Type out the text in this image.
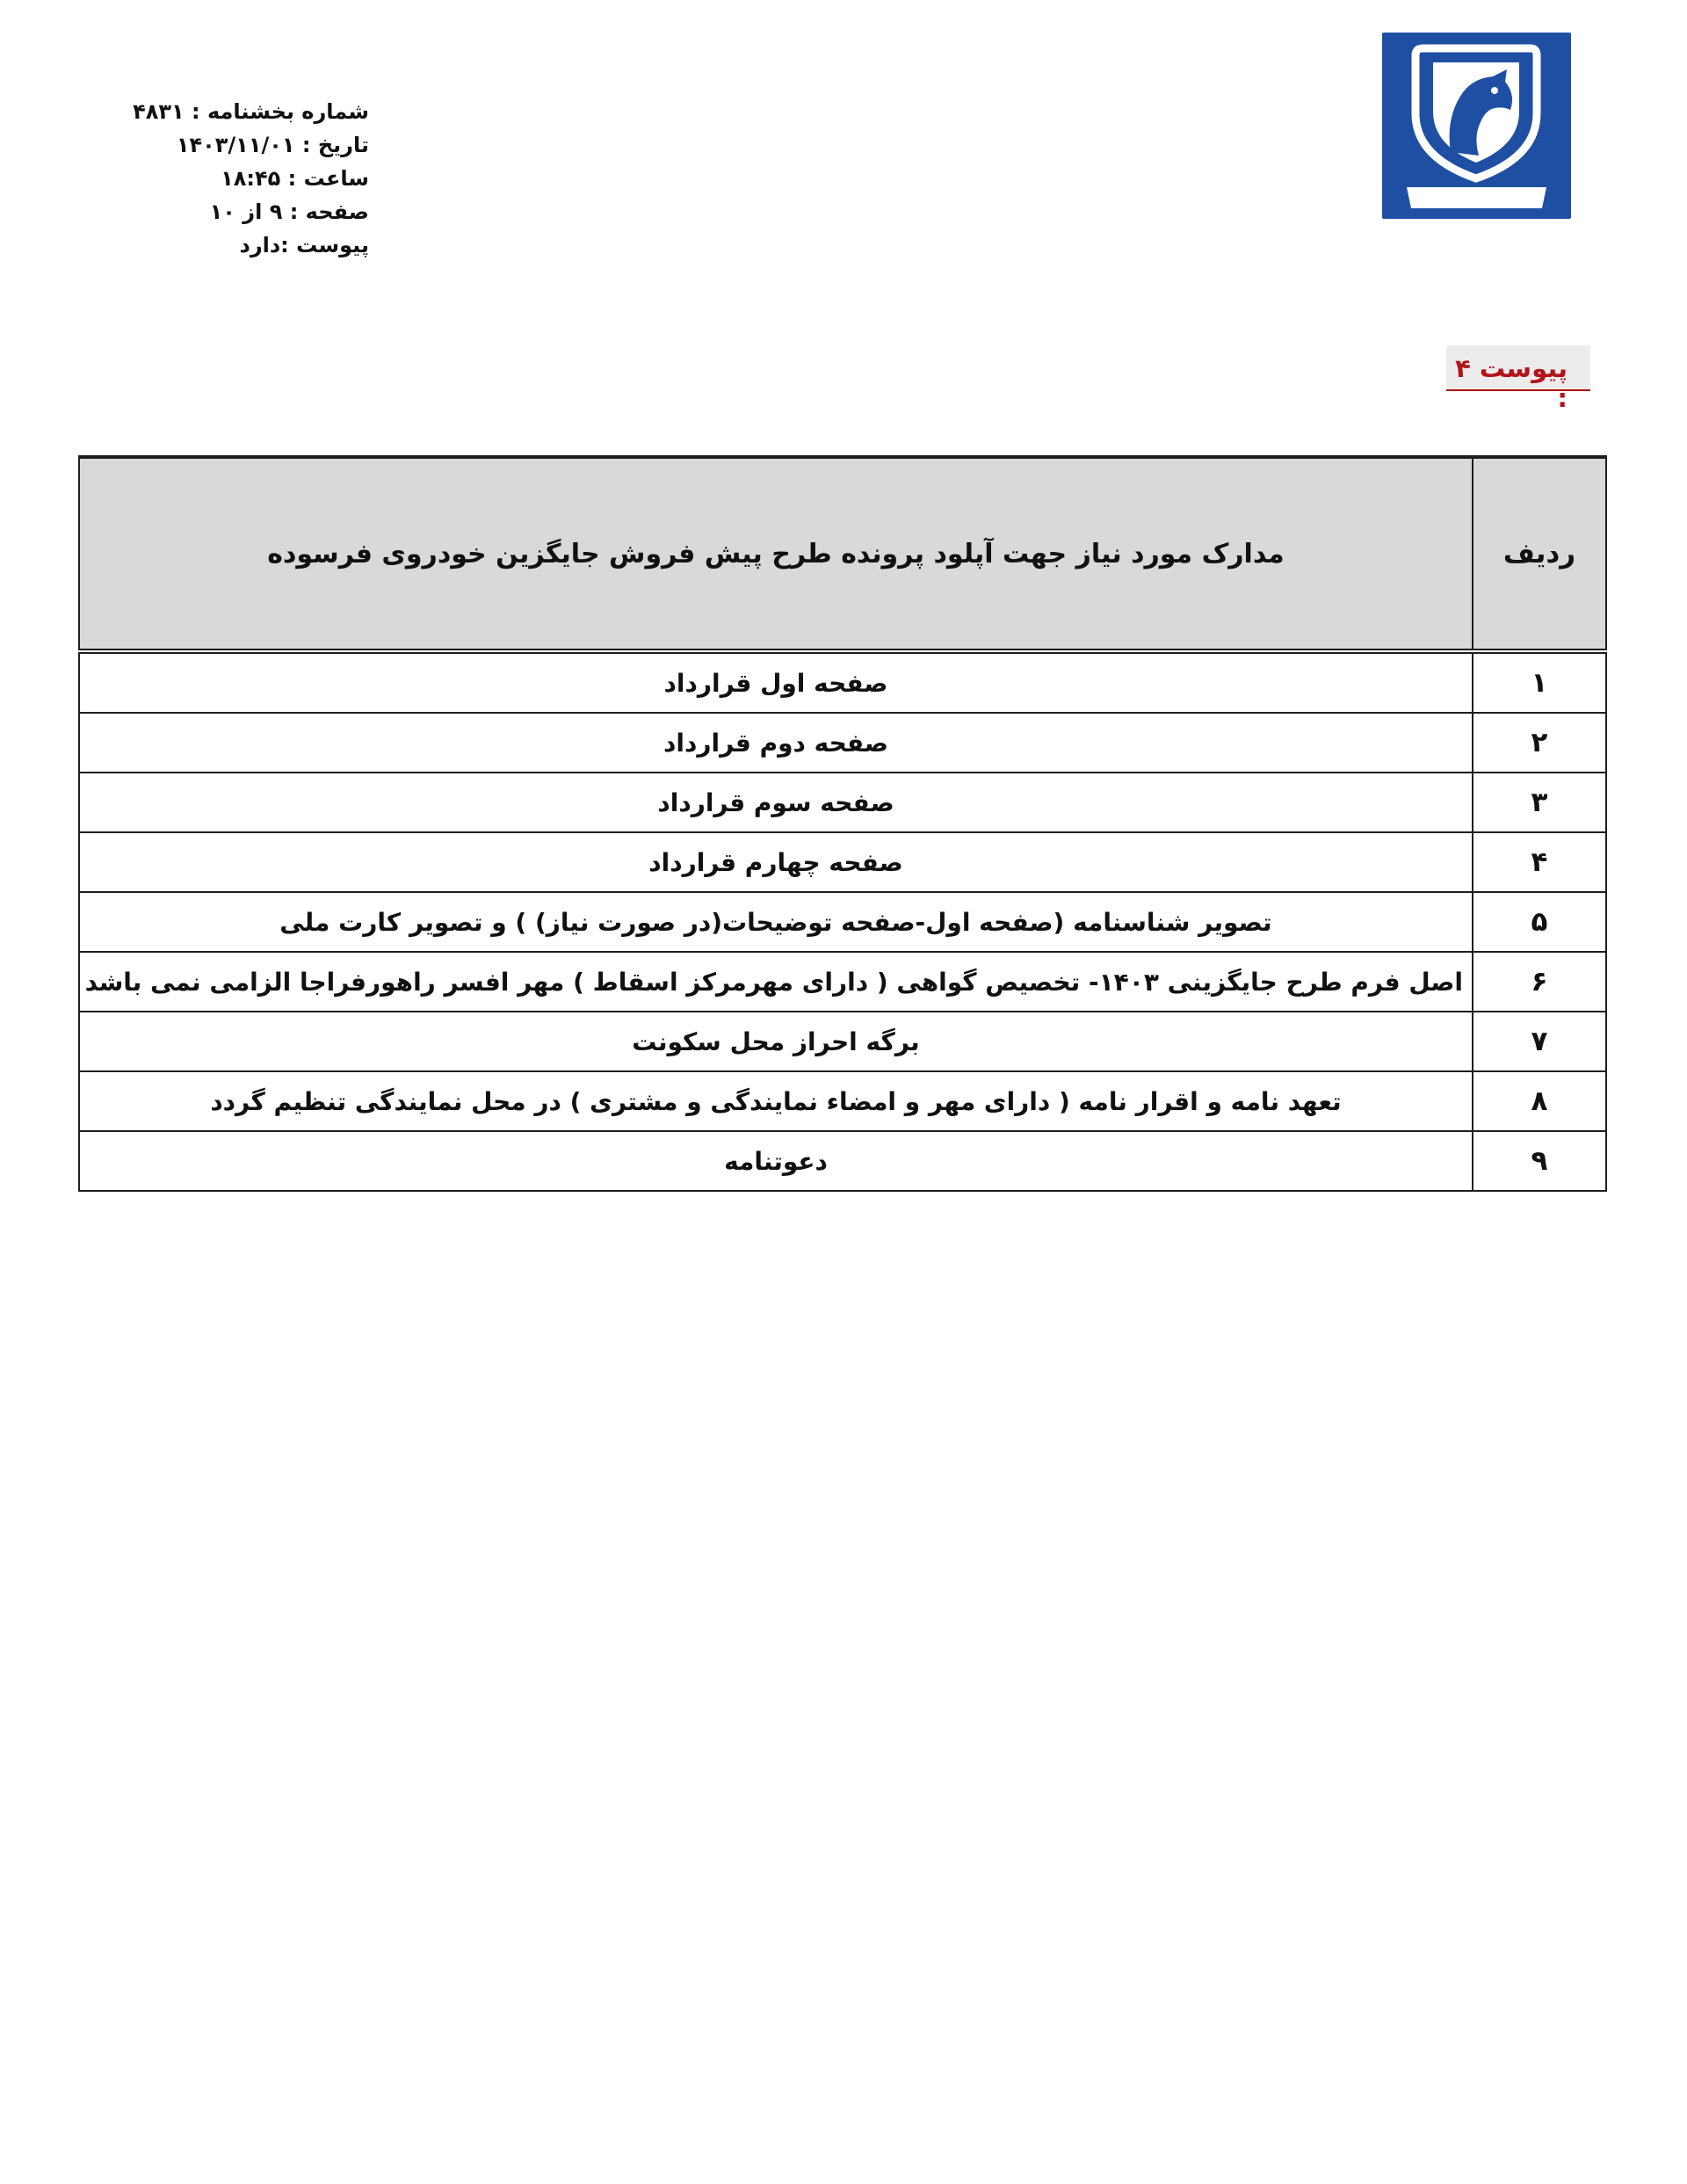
شماره بخشنامه : ۴۸۳۱
تاریخ : ۱۴۰۳/۱۱/۰۱
ساعت : ۱۸:۴۵
صفحه : ۹ از ۱۰
پیوست :دارد
پیوست ۴ :
ردیف	مدارک مورد نیاز جهت آپلود پرونده طرح پیش فروش جایگزین خودروی فرسوده
۱	صفحه اول قرارداد
۲	صفحه دوم قرارداد
۳	صفحه سوم قرارداد
۴	صفحه چهارم قرارداد
۵	تصویر شناسنامه (صفحه اول-صفحه توضیحات(در صورت نیاز) ) و تصویر کارت ملی
۶	اصل فرم طرح جایگزینی ۱۴۰۳- تخصیص گواهی ( دارای مهرمرکز اسقاط ) مهر افسر راهورفراجا الزامی نمی باشد
۷	برگه احراز محل سکونت
۸	تعهد نامه و اقرار نامه ( دارای مهر و امضاء نمایندگی و مشتری ) در محل نمایندگی تنظیم گردد
۹	دعوتنامه
